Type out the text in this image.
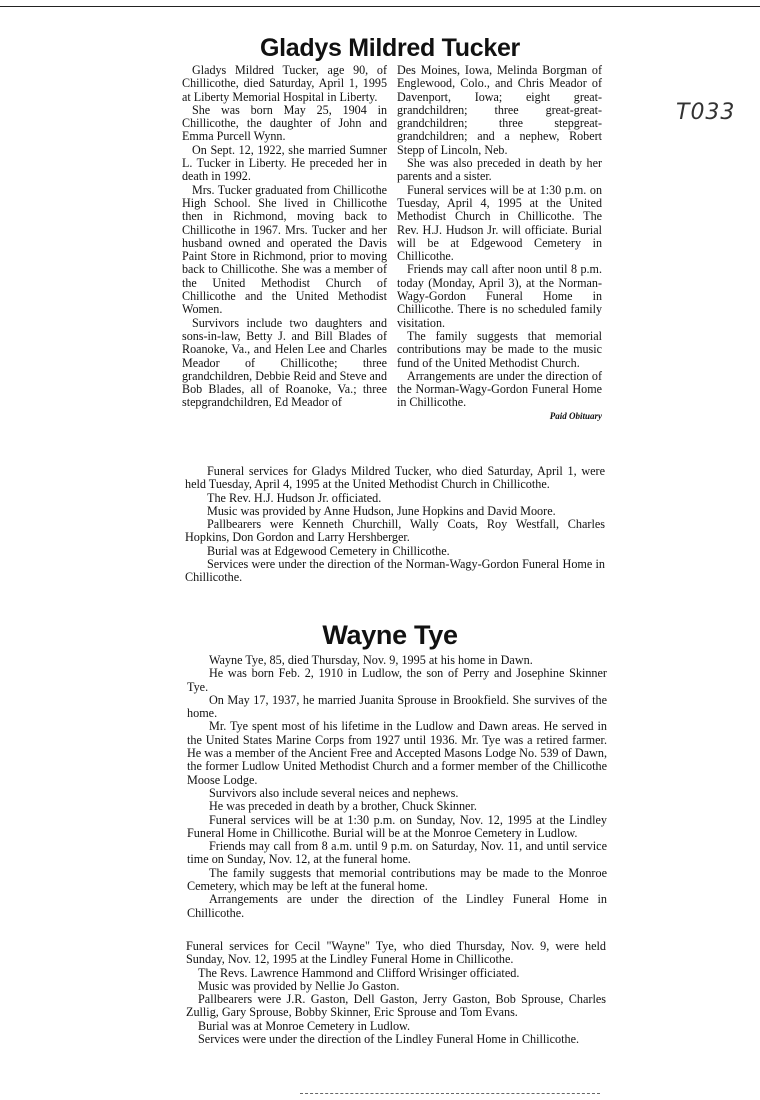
Gladys Mildred Tucker
T033

Gladys Mildred Tucker, age 90, of Chillicothe, died Saturday, April 1, 1995 at Liberty Memorial Hospital in Liberty.

She was born May 25, 1904 in Chillicothe, the daughter of John and Emma Purcell Wynn.

On Sept. 12, 1922, she married Sumner L. Tucker in Liberty. He preceded her in death in 1992.

Mrs. Tucker graduated from Chillicothe High School. She lived in Chillicothe then in Richmond, moving back to Chillicothe in 1967. Mrs. Tucker and her husband owned and operated the Davis Paint Store in Richmond, prior to moving back to Chillicothe. She was a member of the United Methodist Church of Chillicothe and the United Methodist Women.

Survivors include two daughters and sons-in-law, Betty J. and Bill Blades of Roanoke, Va., and Helen Lee and Charles Meador of Chillicothe; three grandchildren, Debbie Reid and Steve and Bob Blades, all of Roanoke, Va.; three stepgrandchildren, Ed Meador of

Des Moines, Iowa, Melinda Borgman of Englewood, Colo., and Chris Meador of Davenport, Iowa; eight great-grandchildren; three great-great-grandchildren; three stepgreat-grandchildren; and a nephew, Robert Stepp of Lincoln, Neb.

She was also preceded in death by her parents and a sister.

Funeral services will be at 1:30 p.m. on Tuesday, April 4, 1995 at the United Methodist Church in Chillicothe. The Rev. H.J. Hudson Jr. will officiate. Burial will be at Edgewood Cemetery in Chillicothe.

Friends may call after noon until 8 p.m. today (Monday, April 3), at the Norman-Wagy-Gordon Funeral Home in Chillicothe. There is no scheduled family visitation.

The family suggests that memorial contributions may be made to the music fund of the United Methodist Church.

Arrangements are under the direction of the Norman-Wagy-Gordon Funeral Home in Chillicothe.

Paid Obituary

Funeral services for Gladys Mildred Tucker, who died Saturday, April 1, were held Tuesday, April 4, 1995 at the United Methodist Church in Chillicothe.

The Rev. H.J. Hudson Jr. officiated.

Music was provided by Anne Hudson, June Hopkins and David Moore.

Pallbearers were Kenneth Churchill, Wally Coats, Roy Westfall, Charles Hopkins, Don Gordon and Larry Hershberger.

Burial was at Edgewood Cemetery in Chillicothe.

Services were under the direction of the Norman-Wagy-Gordon Funeral Home in Chillicothe.

Wayne Tye

Wayne Tye, 85, died Thursday, Nov. 9, 1995 at his home in Dawn.

He was born Feb. 2, 1910 in Ludlow, the son of Perry and Josephine Skinner Tye.

On May 17, 1937, he married Juanita Sprouse in Brookfield. She survives of the home.

Mr. Tye spent most of his lifetime in the Ludlow and Dawn areas. He served in the United States Marine Corps from 1927 until 1936. Mr. Tye was a retired farmer. He was a member of the Ancient Free and Accepted Masons Lodge No. 539 of Dawn, the former Ludlow United Methodist Church and a former member of the Chillicothe Moose Lodge.

Survivors also include several neices and nephews.

He was preceded in death by a brother, Chuck Skinner.

Funeral services will be at 1:30 p.m. on Sunday, Nov. 12, 1995 at the Lindley Funeral Home in Chillicothe. Burial will be at the Monroe Cemetery in Ludlow.

Friends may call from 8 a.m. until 9 p.m. on Saturday, Nov. 11, and until service time on Sunday, Nov. 12, at the funeral home.

The family suggests that memorial contributions may be made to the Monroe Cemetery, which may be left at the funeral home.

Arrangements are under the direction of the Lindley Funeral Home in Chillicothe.

Funeral services for Cecil "Wayne" Tye, who died Thursday, Nov. 9, were held Sunday, Nov. 12, 1995 at the Lindley Funeral Home in Chillicothe.

The Revs. Lawrence Hammond and Clifford Wrisinger officiated.

Music was provided by Nellie Jo Gaston.

Pallbearers were J.R. Gaston, Dell Gaston, Jerry Gaston, Bob Sprouse, Charles Zullig, Gary Sprouse, Bobby Skinner, Eric Sprouse and Tom Evans.

Burial was at Monroe Cemetery in Ludlow.

Services were under the direction of the Lindley Funeral Home in Chillicothe.
